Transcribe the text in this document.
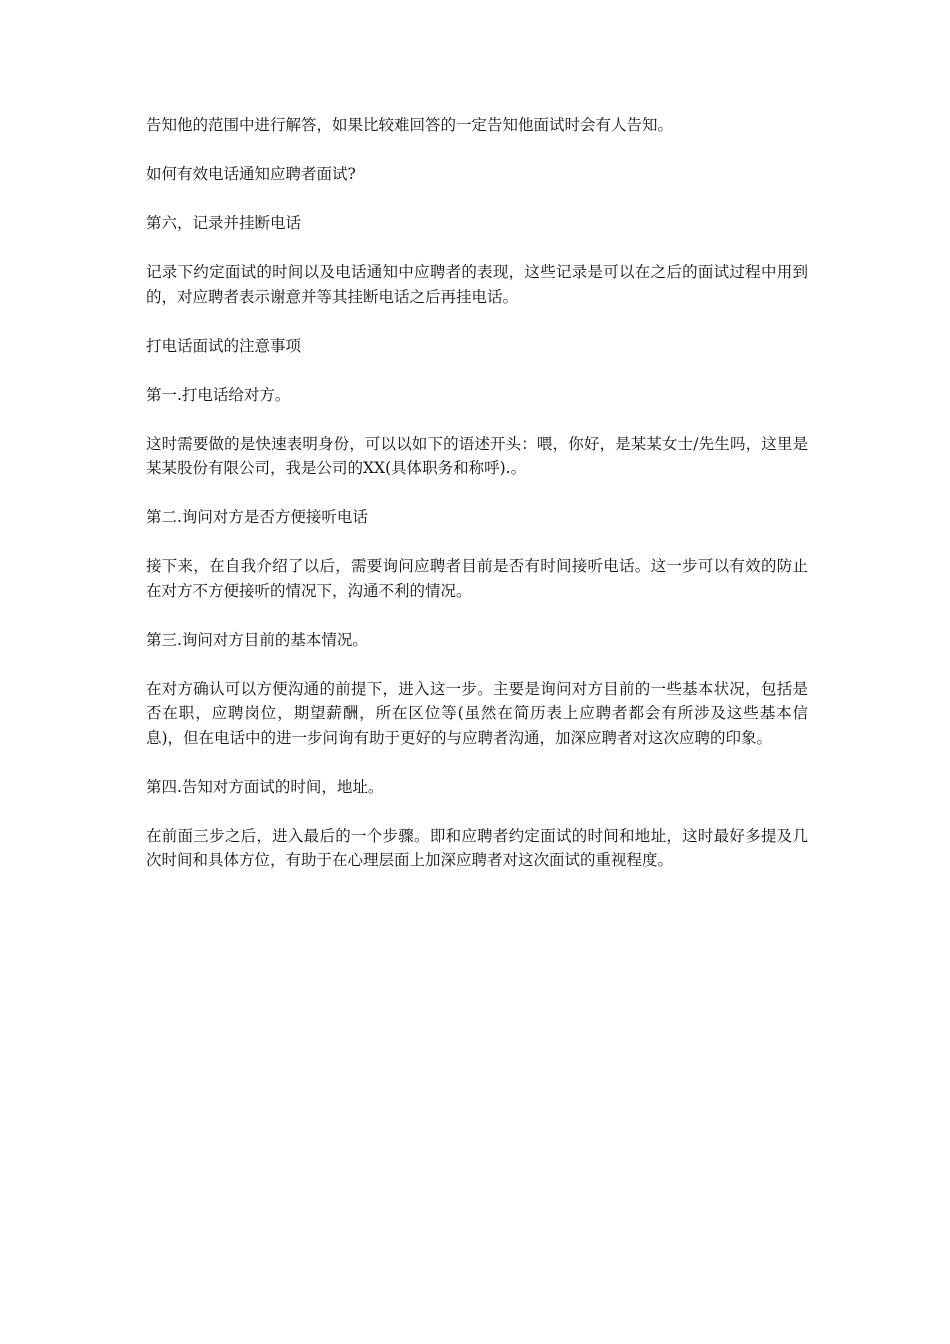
告知他的范围中进行解答，如果比较难回答的一定告知他面试时会有人告知。

如何有效电话通知应聘者面试?

第六，记录并挂断电话

记录下约定面试的时间以及电话通知中应聘者的表现，这些记录是可以在之后的面试过程中用到的，对应聘者表示谢意并等其挂断电话之后再挂电话。

打电话面试的注意事项

第一.打电话给对方。

这时需要做的是快速表明身份，可以以如下的语述开头：喂，你好，是某某女士/先生吗，这里是某某股份有限公司，我是公司的XX(具体职务和称呼).。

第二.询问对方是否方便接听电话

接下来，在自我介绍了以后，需要询问应聘者目前是否有时间接听电话。这一步可以有效的防止在对方不方便接听的情况下，沟通不利的情况。

第三.询问对方目前的基本情况。

在对方确认可以方便沟通的前提下，进入这一步。主要是询问对方目前的一些基本状况，包括是否在职，应聘岗位，期望薪酬，所在区位等(虽然在简历表上应聘者都会有所涉及这些基本信息)，但在电话中的进一步问询有助于更好的与应聘者沟通，加深应聘者对这次应聘的印象。

第四.告知对方面试的时间，地址。

在前面三步之后，进入最后的一个步骤。即和应聘者约定面试的时间和地址，这时最好多提及几次时间和具体方位，有助于在心理层面上加深应聘者对这次面试的重视程度。
